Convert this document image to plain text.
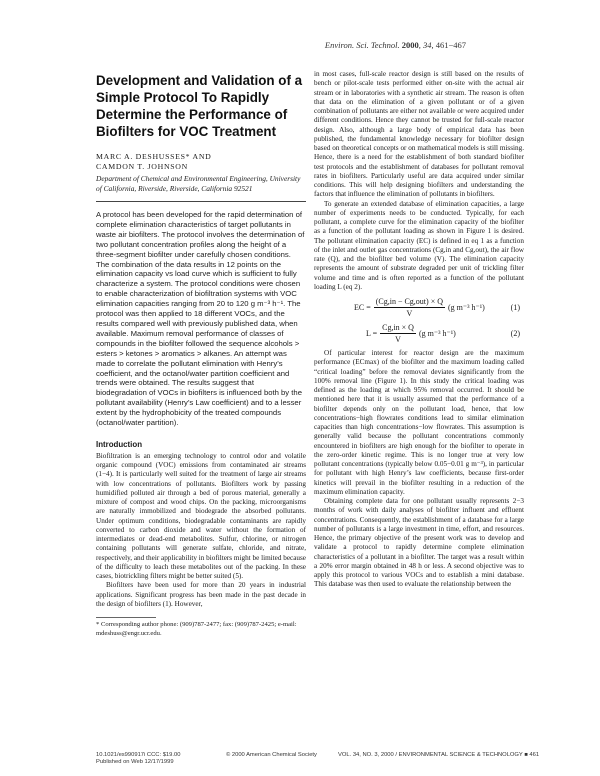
Environ. Sci. Technol. 2000, 34, 461−467
Development and Validation of a Simple Protocol To Rapidly Determine the Performance of Biofilters for VOC Treatment

MARC A. DESHUSSES* AND

CAMDON T. JOHNSON

Department of Chemical and Environmental Engineering, University of California, Riverside, Riverside, California 92521

A protocol has been developed for the rapid determination of complete elimination characteristics of target pollutants in waste air biofilters. The protocol involves the determination of two pollutant concentration profiles along the height of a three-segment biofilter under carefully chosen conditions. The combination of the data results in 12 points on the elimination capacity vs load curve which is sufficient to fully characterize a system. The protocol conditions were chosen to enable characterization of biofiltration systems with VOC elimination capacities ranging from 20 to 120 g m⁻³ h⁻¹. The protocol was then applied to 18 different VOCs, and the results compared well with previously published data, when available. Maximum removal performance of classes of compounds in the biofilter followed the sequence alcohols > esters > ketones > aromatics > alkanes. An attempt was made to correlate the pollutant elimination with Henry’s coefficient, and the octanol/water partition coefficient and trends were obtained. The results suggest that biodegradation of VOCs in biofilters is influenced both by the pollutant availability (Henry’s Law coefficient) and to a lesser extent by the hydrophobicity of the treated compounds (octanol/water partition).

Introduction

Biofiltration is an emerging technology to control odor and volatile organic compound (VOC) emissions from contaminated air streams (1−4). It is particularly well suited for the treatment of large air streams with low concentrations of pollutants. Biofilters work by passing humidified polluted air through a bed of porous material, generally a mixture of compost and wood chips. On the packing, microorganisms are naturally immobilized and biodegrade the absorbed pollutants. Under optimum conditions, biodegradable contaminants are rapidly converted to carbon dioxide and water without the formation of intermediates or dead-end metabolites. Sulfur, chlorine, or nitrogen containing pollutants will generate sulfate, chloride, and nitrate, respectively, and their applicability in biofilters might be limited because of the difficulty to leach these metabolites out of the packing. In these cases, biotrickling filters might be better suited (5).

Biofilters have been used for more than 20 years in industrial applications. Significant progress has been made in the past decade in the design of biofilters (1). However,

* Corresponding author phone: (909)787-2477; fax: (909)787-2425; e-mail: mdeshuss@engr.ucr.edu.

in most cases, full-scale reactor design is still based on the results of bench or pilot-scale tests performed either on-site with the actual air stream or in laboratories with a synthetic air stream. The reason is often that data on the elimination of a given pollutant or of a given combination of pollutants are either not available or were acquired under different conditions. Hence they cannot be trusted for full-scale reactor design. Also, although a large body of empirical data has been published, the fundamental knowledge necessary for biofilter design based on theoretical concepts or on mathematical models is still missing. Hence, there is a need for the establishment of both standard biofilter test protocols and the establishment of databases for pollutant removal rates in biofilters. Particularly useful are data acquired under similar conditions. This will help designing biofilters and understanding the factors that influence the elimination of pollutants in biofilters.

To generate an extended database of elimination capacities, a large number of experiments needs to be conducted. Typically, for each pollutant, a complete curve for the elimination capacity of the biofilter as a function of the pollutant loading as shown in Figure 1 is desired. The pollutant elimination capacity (EC) is defined in eq 1 as a function of the inlet and outlet gas concentrations (Cg,in and Cg,out), the air flow rate (Q), and the biofilter bed volume (V). The elimination capacity represents the amount of substrate degraded per unit of trickling filter volume and time and is often reported as a function of the pollutant loading L (eq 2).

EC = $\frac{\text{(Cg,in − Cg,out) × Q}}{V} (g$ m⁻³ h⁻¹)	(1)
$L = \frac{Cg,in \times Q}{V} (g$ m⁻³ h⁻¹)	(2)

Of particular interest for reactor design are the maximum performance (ECmax) of the biofilter and the maximum loading called “critical loading” before the removal deviates significantly from the 100% removal line (Figure 1). In this study the critical loading was defined as the loading at which 95% removal occurred. It should be mentioned here that it is usually assumed that the performance of a biofilter depends only on the pollutant load, hence, that low concentrations−high flowrates conditions lead to similar elimination capacities than high concentrations−low flowrates. This assumption is generally valid because the pollutant concentrations commonly encountered in biofilters are high enough for the biofilter to operate in the zero-order kinetic regime. This is no longer true at very low pollutant concentrations (typically below 0.05−0.01 g m⁻³), in particular for pollutant with high Henry’s law coefficients, because first-order kinetics will prevail in the biofilter resulting in a reduction of the maximum elimination capacity.

Obtaining complete data for one pollutant usually represents 2−3 months of work with daily analyses of biofilter influent and effluent concentrations. Consequently, the establishment of a database for a large number of pollutants is a large investment in time, effort, and resources. Hence, the primary objective of the present work was to develop and validate a protocol to rapidly determine complete elimination characteristics of a pollutant in a biofilter. The target was a result within a 20% error margin obtained in 48 h or less. A second objective was to apply this protocol to various VOCs and to establish a mini database. This database was then used to evaluate the relationship between the

10.1021/es990917i CCC: $19.00
Published on Web 12/17/1999
© 2000 American Chemical Society	VOL. 34, NO. 3, 2000 / ENVIRONMENTAL SCIENCE & TECHNOLOGY ■ 461
